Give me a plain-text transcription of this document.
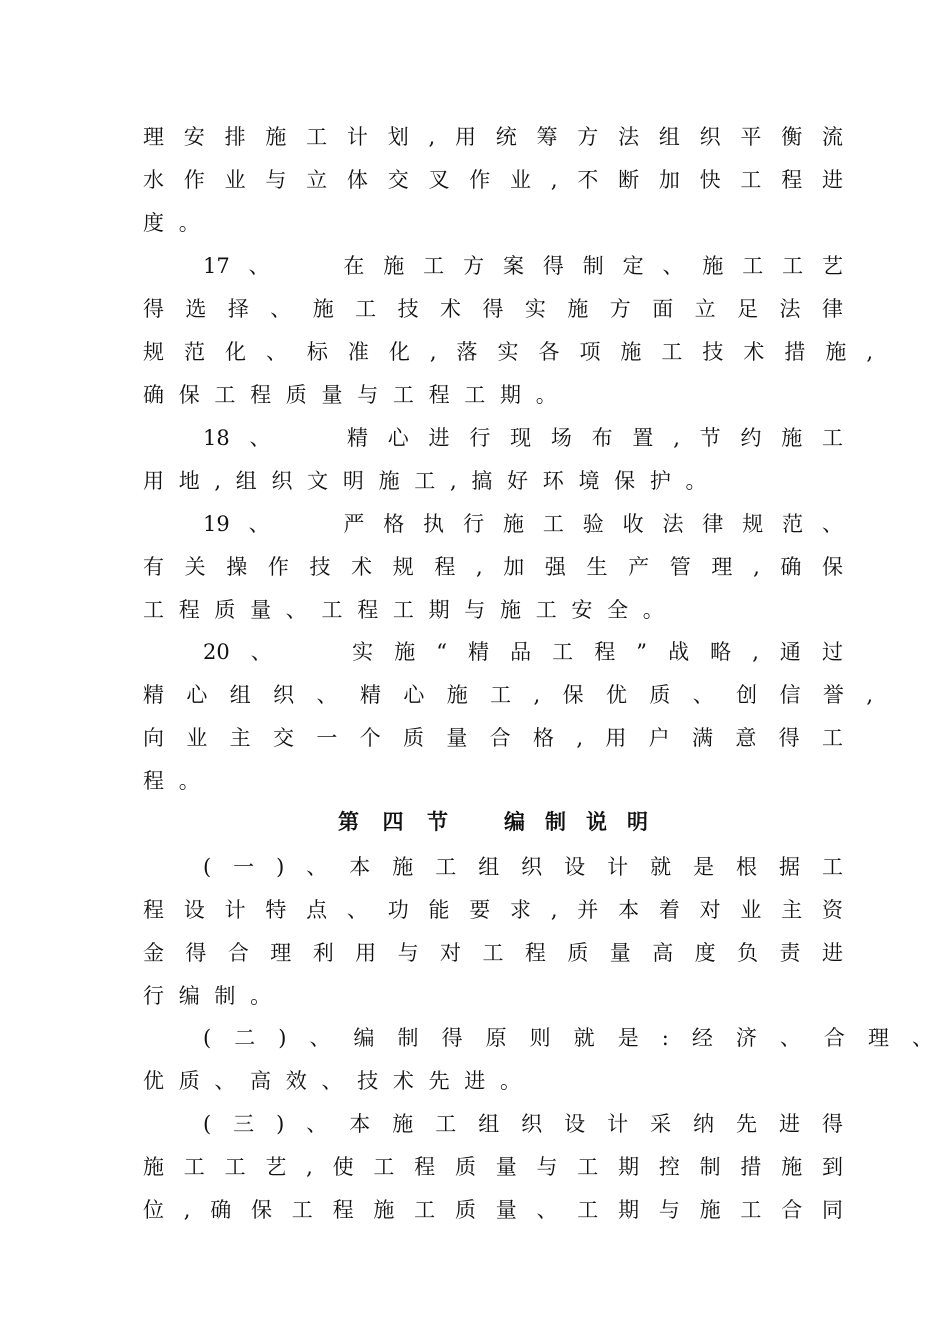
理安排施工计划,用统筹方法组织平衡流
水作业与立体交叉作业,不断加快工程进
度。
17、　 在施工方案得制定、施工工艺
得选择、施工技术得实施方面立足法律
规范化、标准化,落实各项施工技术措施,
确保工程质量与工程工期。
18、　 精心进行现场布置,节约施工
用地,组织文明施工,搞好环境保护。
19、　 严格执行施工验收法律规范、
有关操作技术规程,加强生产管理,确保
工程质量、工程工期与施工安全。
20、　 实施“精品工程”战略,通过
精心组织、精心施工,保优质、创信誉,
向业主交一个质量合格,用户满意得工
程。
第四节	编制说明
(一)、本施工组织设计就是根据工
程设计特点、功能要求,并本着对业主资
金得合理利用与对工程质量高度负责进
行编制。
(二)、编制得原则就是:经济、合理、
优质、高效、技术先进。
(三)、本施工组织设计采纳先进得
施工工艺,使工程质量与工期控制措施到
位,确保工程施工质量、工期与施工合同
